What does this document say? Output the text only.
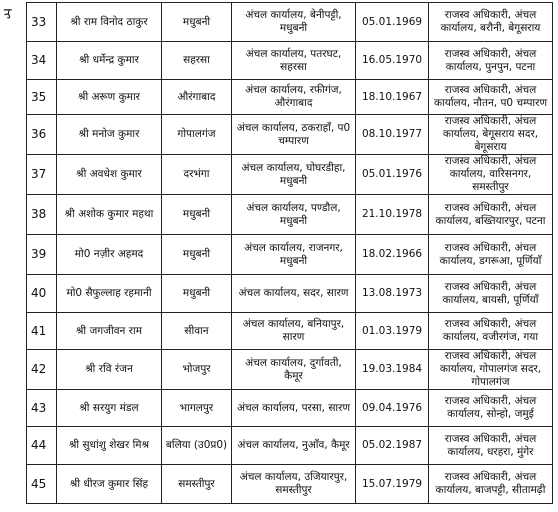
ᢋ
33	श्री राम विनोद ठाकुर	मधुबनी	अंचल कार्यालय, बेनीपट्टी, मधुबनी	05.01.1969	राजस्व अधिकारी, अंचल कार्यालय, बरौनी, बेगूसराय
34	श्री धर्मेन्द्र कुमार	सहरसा	अंचल कार्यालय, पतरघट, सहरसा	16.05.1970	राजस्व अधिकारी, अंचल कार्यालय, पुनपुन, पटना
35	श्री अरूण कुमार	औरंगाबाद	अंचल कार्यालय, रफीगंज, औरंगाबाद	18.10.1967	राजस्व अधिकारी, अंचल कार्यालय, नौतन, प0 चम्पारण
36	श्री मनोज कुमार	गोपालगंज	अंचल कार्यालय, ठकराहाँ, प0 चम्पारण	08.10.1977	राजस्व अधिकारी, अंचल कार्यालय, बेगूसराय सदर, बेगूसराय
37	श्री अवधेश कुमार	दरभंगा	अंचल कार्यालय, घोघरडीहा, मधुबनी	05.01.1976	राजस्व अधिकारी, अंचल कार्यालय, वारिसनगर, समस्तीपुर
38	श्री अशोक कुमार महथा	मधुबनी	अंचल कार्यालय, पण्डौल, मधुबनी	21.10.1978	राजस्व अधिकारी, अंचल कार्यालय, बख्तियारपुर, पटना
39	मो0 नज़ीर अहमद	मधुबनी	अंचल कार्यालय, राजनगर, मधुबनी	18.02.1966	राजस्व अधिकारी, अंचल कार्यालय, डगरूआ, पूर्णियाँ
40	मो0 सैफुल्लाह रहमानी	मधुबनी	अंचल कार्यालय, सदर, सारण	13.08.1973	राजस्व अधिकारी, अंचल कार्यालय, बायसी, पूर्णियाँ
41	श्री जगजीवन राम	सीवान	अंचल कार्यालय, बनियापुर, सारण	01.03.1979	राजस्व अधिकारी, अंचल कार्यालय, वजीरगंज, गया
42	श्री रवि रंजन	भोजपुर	अंचल कार्यालय, दुर्गावती, कैमूर	19.03.1984	राजस्व अधिकारी, अंचल कार्यालय, गोपालगंज सदर, गोपालगंज
43	श्री सरयुग मंडल	भागलपुर	अंचल कार्यालय, परसा, सारण	09.04.1976	राजस्व अधिकारी, अंचल कार्यालय, सोन्हो, जमुई
44	श्री सुधांशु शेखर मिश्र	बलिया (उ0प्र0)	अंचल कार्यालय, नुआँव, कैमूर	05.02.1987	राजस्व अधिकारी, अंचल कार्यालय, धरहरा, मुंगेर
45	श्री धीरज कुमार सिंह	समस्तीपुर	अंचल कार्यालय, उजियारपुर, समस्तीपुर	15.07.1979	राजस्व अधिकारी, अंचल कार्यालय, बाजपट्टी, सीतामढ़ी
